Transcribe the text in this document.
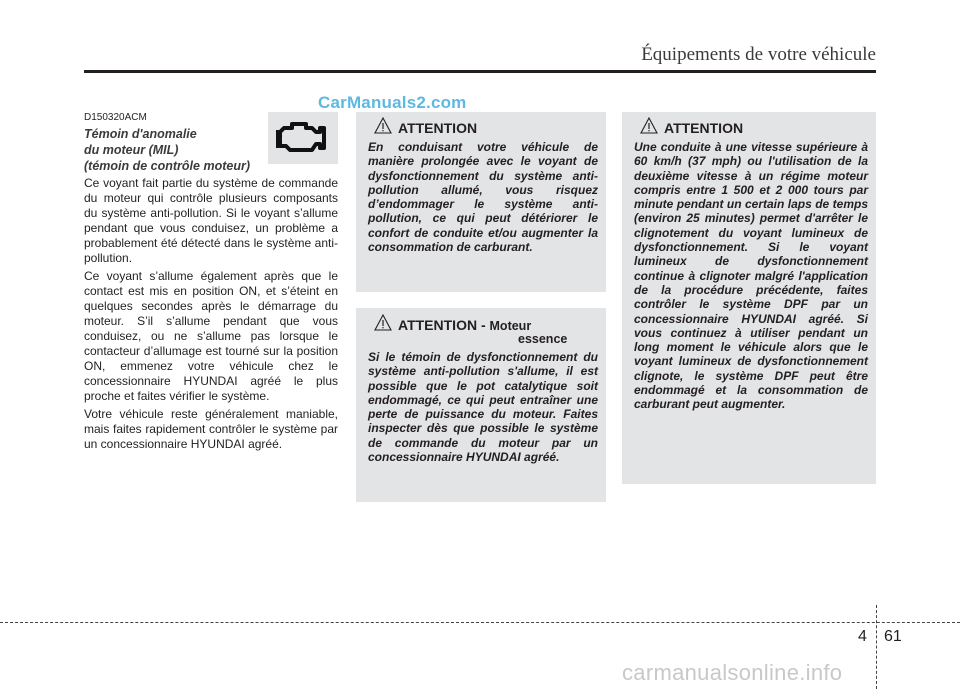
Équipements de votre véhicule
CarManuals2.com
D150320ACM
Témoin d'anomalie
du moteur (MIL)
(témoin de contrôle moteur)

Ce voyant fait partie du système de commande du moteur qui contrôle plusieurs composants du système anti-pollution. Si le voyant s’allume pendant que vous conduisez, un problème a probablement été détecté dans le système anti-pollution.

Ce voyant s’allume également après que le contact est mis en position ON, et s’éteint en quelques secondes après le démarrage du moteur. S’il s’allume pendant que vous conduisez, ou ne s’allume pas lorsque le contacteur d’allumage est tourné sur la position ON, emmenez votre véhicule chez le concessionnaire HYUNDAI agréé le plus proche et faites vérifier le système.

Votre véhicule reste généralement maniable, mais faites rapidement contrôler le système par un concessionnaire HYUNDAI agréé.

ATTENTION
En conduisant votre véhicule de manière prolongée avec le voyant de dysfonctionnement du système anti-pollution allumé, vous risquez d’endommager le système anti-pollution, ce qui peut détériorer le confort de conduite et/ou augmenter la consommation de carburant.
ATTENTION - Moteur
essence
Si le témoin de dysfonctionnement du système anti-pollution s'allume, il est possible que le pot catalytique soit endommagé, ce qui peut entraîner une perte de puissance du moteur. Faites inspecter dès que possible le système de commande du moteur par un concessionnaire HYUNDAI agréé.
ATTENTION
Une conduite à une vitesse supérieure à 60 km/h (37 mph) ou l'utilisation de la deuxième vitesse à un régime moteur compris entre 1 500 et 2 000 tours par minute pendant un certain laps de temps (environ 25 minutes) permet d'arrêter le clignotement du voyant lumineux de dysfonctionnement. Si le voyant lumineux de dysfonctionnement continue à clignoter malgré l'application de la procédure précédente, faites contrôler le système DPF par un concessionnaire HYUNDAI agréé. Si vous continuez à utiliser pendant un long moment le véhicule alors que le voyant lumineux de dysfonctionnement clignote, le système DPF peut être endommagé et la consommation de carburant peut augmenter.
4 61
carmanualsonline.info
